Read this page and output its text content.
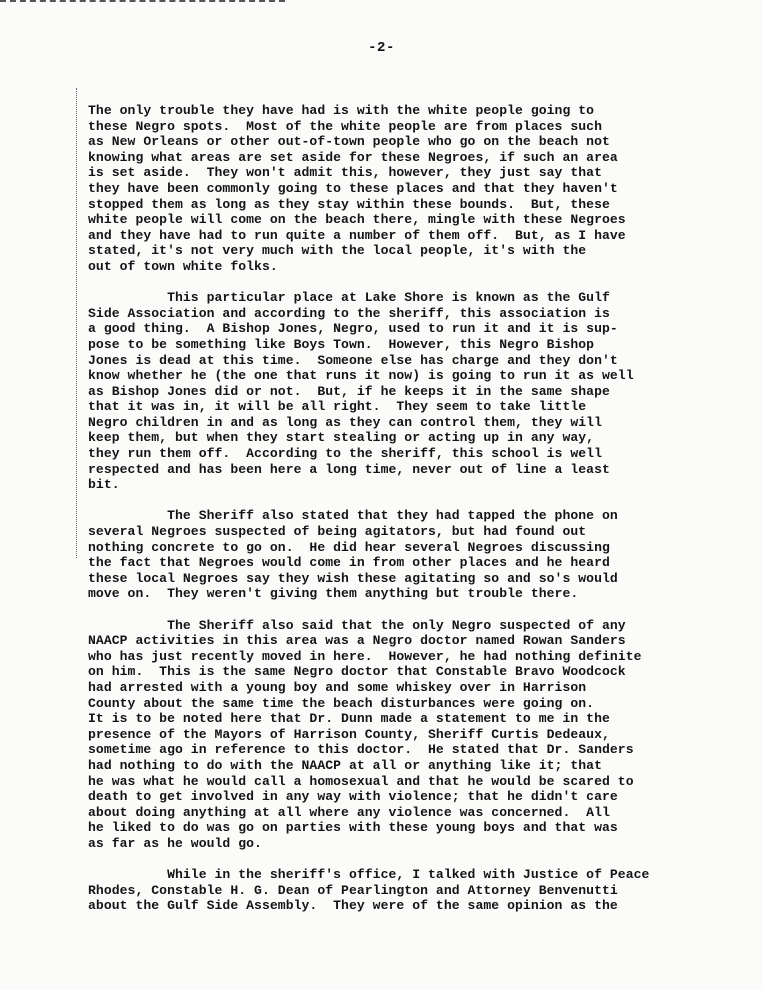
-2-
The only trouble they have had is with the white people going to
these Negro spots.  Most of the white people are from places such
as New Orleans or other out-of-town people who go on the beach not
knowing what areas are set aside for these Negroes, if such an area
is set aside.  They won't admit this, however, they just say that
they have been commonly going to these places and that they haven't
stopped them as long as they stay within these bounds.  But, these
white people will come on the beach there, mingle with these Negroes
and they have had to run quite a number of them off.  But, as I have
stated, it's not very much with the local people, it's with the
out of town white folks.
This particular place at Lake Shore is known as the Gulf
Side Association and according to the sheriff, this association is
a good thing.  A Bishop Jones, Negro, used to run it and it is sup-
pose to be something like Boys Town.  However, this Negro Bishop
Jones is dead at this time.  Someone else has charge and they don't
know whether he (the one that runs it now) is going to run it as well
as Bishop Jones did or not.  But, if he keeps it in the same shape
that it was in, it will be all right.  They seem to take little
Negro children in and as long as they can control them, they will
keep them, but when they start stealing or acting up in any way,
they run them off.  According to the sheriff, this school is well
respected and has been here a long time, never out of line a least
bit.
The Sheriff also stated that they had tapped the phone on
several Negroes suspected of being agitators, but had found out
nothing concrete to go on.  He did hear several Negroes discussing
the fact that Negroes would come in from other places and he heard
these local Negroes say they wish these agitating so and so's would
move on.  They weren't giving them anything but trouble there.
The Sheriff also said that the only Negro suspected of any
NAACP activities in this area was a Negro doctor named Rowan Sanders
who has just recently moved in here.  However, he had nothing definite
on him.  This is the same Negro doctor that Constable Bravo Woodcock
had arrested with a young boy and some whiskey over in Harrison
County about the same time the beach disturbances were going on.
It is to be noted here that Dr. Dunn made a statement to me in the
presence of the Mayors of Harrison County, Sheriff Curtis Dedeaux,
sometime ago in reference to this doctor.  He stated that Dr. Sanders
had nothing to do with the NAACP at all or anything like it; that
he was what he would call a homosexual and that he would be scared to
death to get involved in any way with violence; that he didn't care
about doing anything at all where any violence was concerned.  All
he liked to do was go on parties with these young boys and that was
as far as he would go.
While in the sheriff's office, I talked with Justice of Peace
Rhodes, Constable H. G. Dean of Pearlington and Attorney Benvenutti
about the Gulf Side Assembly.  They were of the same opinion as the
